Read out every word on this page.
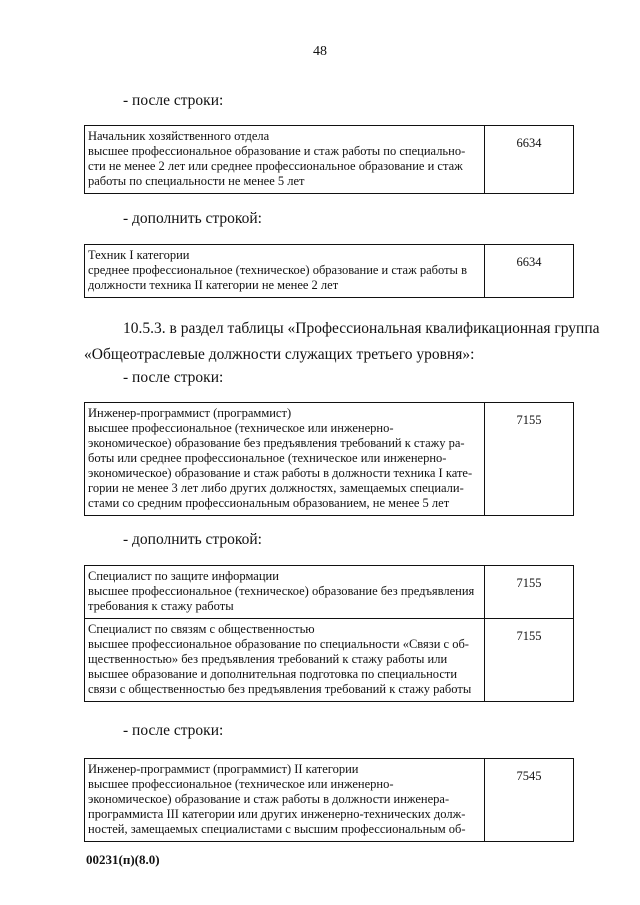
48
- после строки:
Начальник хозяйственного отдела
высшее профессиональное образование и стаж работы по специально-
сти не менее 2 лет или среднее профессиональное образование и стаж
работы по специальности не менее 5 лет
	6634
- дополнить строкой:
Техник I категории
среднее профессиональное (техническое) образование и стаж работы в
должности техника II категории не менее 2 лет
	6634
10.5.3. в раздел таблицы «Профессиональная квалификационная группа
«Общеотраслевые должности служащих третьего уровня»:
- после строки:
Инженер-программист (программист)
высшее профессиональное (техническое или инженерно-
экономическое) образование без предъявления требований к стажу ра-
боты или среднее профессиональное (техническое или инженерно-
экономическое) образование и стаж работы в должности техника I кате-
гории не менее 3 лет либо других должностях, замещаемых специали-
стами со средним профессиональным образованием, не менее 5 лет
	7155
- дополнить строкой:
Специалист по защите информации
высшее профессиональное (техническое) образование без предъявления
требования к стажу работы	7155

Специалист по связям с общественностью
высшее профессиональное образование по специальности «Связи с об-
щественностью» без предъявления требований к стажу работы или
высшее образование и дополнительная подготовка по специальности
связи с общественностью без предъявления требований к стажу работы	7155
- после строки:
Инженер-программист (программист) II категории
высшее профессиональное (техническое или инженерно-
экономическое) образование и стаж работы в должности инженера-
программиста III категории или других инженерно-технических долж-
ностей, замещаемых специалистами с высшим профессиональным об-
	7545
00231(п)(8.0)
